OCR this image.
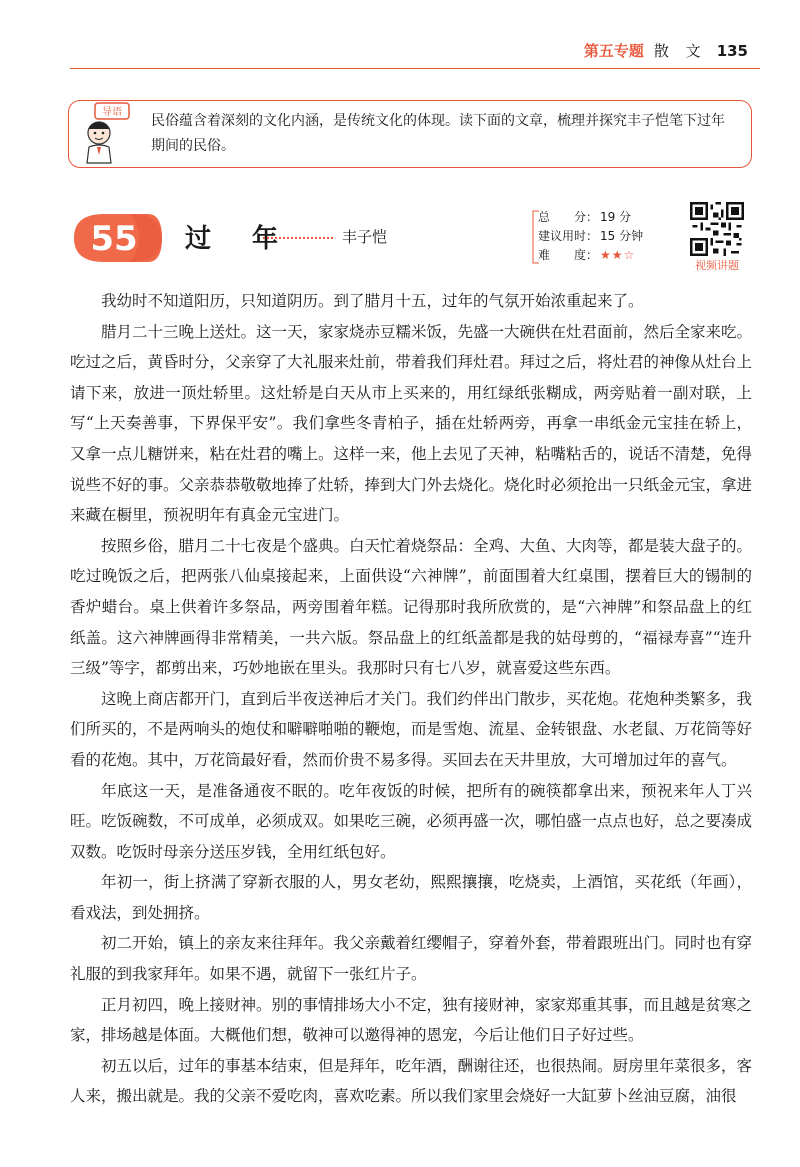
第五专题 散 文 135
导语
民俗蕴含着深刻的文化内涵，是传统文化的体现。读下面的文章，梳理并探究丰子恺笔下过年期间的民俗。
55 过 年	丰子恺
总　　分： 19 分
建议用时： 15 分钟
难　　度： ★★☆
视频讲题

我幼时不知道阳历，只知道阴历。到了腊月十五，过年的气氛开始浓重起来了。

腊月二十三晚上送灶。这一天，家家烧赤豆糯米饭，先盛一大碗供在灶君面前，然后全家来吃。吃过之后，黄昏时分，父亲穿了大礼服来灶前，带着我们拜灶君。拜过之后，将灶君的神像从灶台上请下来，放进一顶灶轿里。这灶轿是白天从市上买来的，用红绿纸张糊成，两旁贴着一副对联，上写“上天奏善事，下界保平安”。我们拿些冬青柏子，插在灶轿两旁，再拿一串纸金元宝挂在轿上，又拿一点儿糖饼来，粘在灶君的嘴上。这样一来，他上去见了天神，粘嘴粘舌的，说话不清楚，免得说些不好的事。父亲恭恭敬敬地捧了灶轿，捧到大门外去烧化。烧化时必须抢出一只纸金元宝，拿进来藏在橱里，预祝明年有真金元宝进门。

按照乡俗，腊月二十七夜是个盛典。白天忙着烧祭品：全鸡、大鱼、大肉等，都是装大盘子的。吃过晚饭之后，把两张八仙桌接起来，上面供设“六神牌”，前面围着大红桌围，摆着巨大的锡制的香炉蜡台。桌上供着许多祭品，两旁围着年糕。记得那时我所欣赏的，是“六神牌”和祭品盘上的红纸盖。这六神牌画得非常精美，一共六版。祭品盘上的红纸盖都是我的姑母剪的，“福禄寿喜”“连升三级”等字，都剪出来，巧妙地嵌在里头。我那时只有七八岁，就喜爱这些东西。

这晚上商店都开门，直到后半夜送神后才关门。我们约伴出门散步，买花炮。花炮种类繁多，我们所买的，不是两响头的炮仗和噼噼啪啪的鞭炮，而是雪炮、流星、金转银盘、水老鼠、万花筒等好看的花炮。其中，万花筒最好看，然而价贵不易多得。买回去在天井里放，大可增加过年的喜气。

年底这一天，是准备通夜不眠的。吃年夜饭的时候，把所有的碗筷都拿出来，预祝来年人丁兴旺。吃饭碗数，不可成单，必须成双。如果吃三碗，必须再盛一次，哪怕盛一点点也好，总之要凑成双数。吃饭时母亲分送压岁钱，全用红纸包好。

年初一，街上挤满了穿新衣服的人，男女老幼，熙熙攘攘，吃烧卖，上酒馆，买花纸（年画），看戏法，到处拥挤。

初二开始，镇上的亲友来往拜年。我父亲戴着红缨帽子，穿着外套，带着跟班出门。同时也有穿礼服的到我家拜年。如果不遇，就留下一张红片子。

正月初四，晚上接财神。别的事情排场大小不定，独有接财神，家家郑重其事，而且越是贫寒之家，排场越是体面。大概他们想，敬神可以邀得神的恩宠，今后让他们日子好过些。

初五以后，过年的事基本结束，但是拜年，吃年酒，酬谢往还，也很热闹。厨房里年菜很多，客人来，搬出就是。我的父亲不爱吃肉，喜欢吃素。所以我们家里会烧好一大缸萝卜丝油豆腐，油很
